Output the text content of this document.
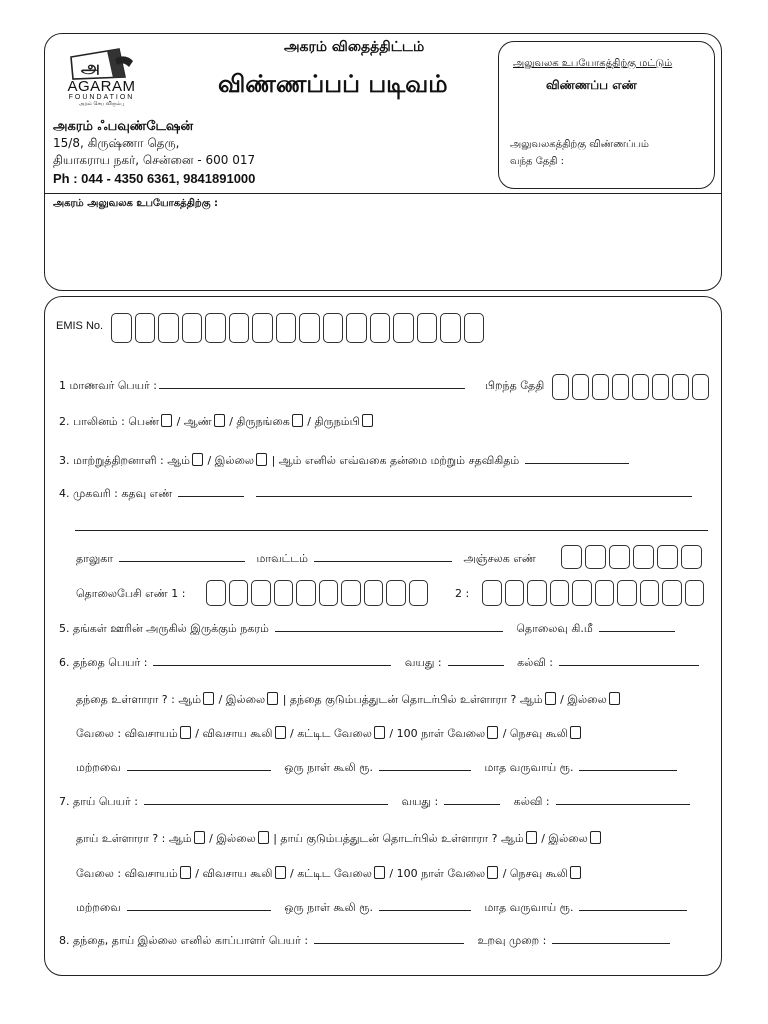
அ
AGARAM
FOUNDATION
அறம் செய விரும்பு
அகரம் விதைத்திட்டம்
விண்ணப்பப் படிவம்
அகரம் ஃபவுண்டேஷன்
15/8, கிருஷ்ணா தெரு,
தியாகராய நகர், சென்னை - 600 017
Ph : 044 - 4350 6361, 9841891000
அலுவலக உபயோகத்திற்கு மட்டும்
விண்ணப்ப எண்
அலுவலகத்திற்கு விண்ணப்பம்
வந்த தேதி :
அகரம் அலுவலக உபயோகத்திற்கு :
EMIS No.
1 மாணவர் பெயர் :	பிறந்த தேதி
2. பாலினம் : பெண் / ஆண் / திருநங்கை / திருநம்பி
3. மாற்றுத்திறனாளி : ஆம் / இல்லை | ஆம் எனில் எவ்வகை தன்மை மற்றும் சதவிகிதம்
4. முகவரி : கதவு எண்
தாலுகா	மாவட்டம்	அஞ்சலக எண்
தொலைபேசி எண் 1 :	2 :
5. தங்கள் ஊரின் அருகில் இருக்கும் நகரம்	தொலைவு கி.மீ
6. தந்தை பெயர் :	வயது :	கல்வி :
தந்தை உள்ளாரா ? : ஆம் / இல்லை | தந்தை குடும்பத்துடன் தொடர்பில் உள்ளாரா ? ஆம் / இல்லை
வேலை : விவசாயம் / விவசாய கூலி / கட்டிட வேலை / 100 நாள் வேலை / நெசவு கூலி
மற்றவை	ஒரு நாள் கூலி ரூ.	மாத வருவாய் ரூ.
7. தாய் பெயர் :	வயது :	கல்வி :
தாய் உள்ளாரா ? : ஆம் / இல்லை | தாய் குடும்பத்துடன் தொடர்பில் உள்ளாரா ? ஆம் / இல்லை
வேலை : விவசாயம் / விவசாய கூலி / கட்டிட வேலை / 100 நாள் வேலை / நெசவு கூலி
மற்றவை	ஒரு நாள் கூலி ரூ.	மாத வருவாய் ரூ.
8. தந்தை, தாய் இல்லை எனில் காப்பாளர் பெயர் :	உறவு முறை :
